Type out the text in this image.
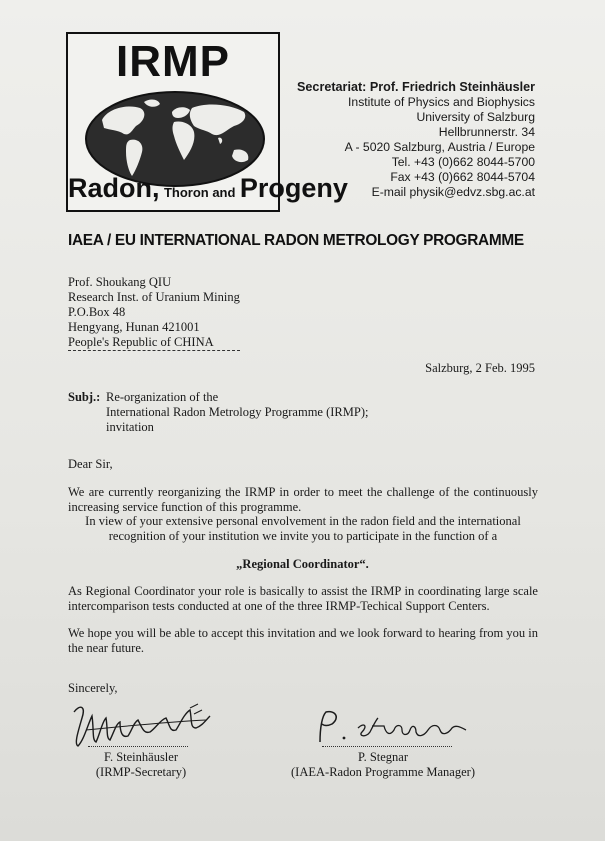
IRMP
Radon, Thoron and Progeny
Secretariat: Prof. Friedrich Steinhäusler
Institute of Physics and Biophysics
University of Salzburg
Hellbrunnerstr. 34
A - 5020 Salzburg, Austria / Europe
Tel. +43 (0)662 8044-5700
Fax +43 (0)662 8044-5704
E-mail physik@edvz.sbg.ac.at
IAEA / EU INTERNATIONAL RADON METROLOGY PROGRAMME
Prof. Shoukang QIU
Research Inst. of Uranium Mining
P.O.Box 48
Hengyang, Hunan 421001
People's Republic of CHINA
Salzburg, 2 Feb. 1995
Subj.: Re-organization of the
International Radon Metrology Programme (IRMP);
invitation
Dear Sir,
We are currently reorganizing the IRMP in order to meet the challenge of the continuously increasing service function of this programme.
In view of your extensive personal envolvement in the radon field and the international
recognition of your institution we invite you to participate in the function of a
„Regional Coordinator“.
As Regional Coordinator your role is basically to assist the IRMP in coordinating large scale intercomparison tests conducted at one of the three IRMP-Techical Support Centers.
We hope you will be able to accept this invitation and we look forward to hearing from you in the near future.
Sincerely,
F. Steinhäusler
(IRMP-Secretary)
P. Stegnar
(IAEA-Radon Programme Manager)
